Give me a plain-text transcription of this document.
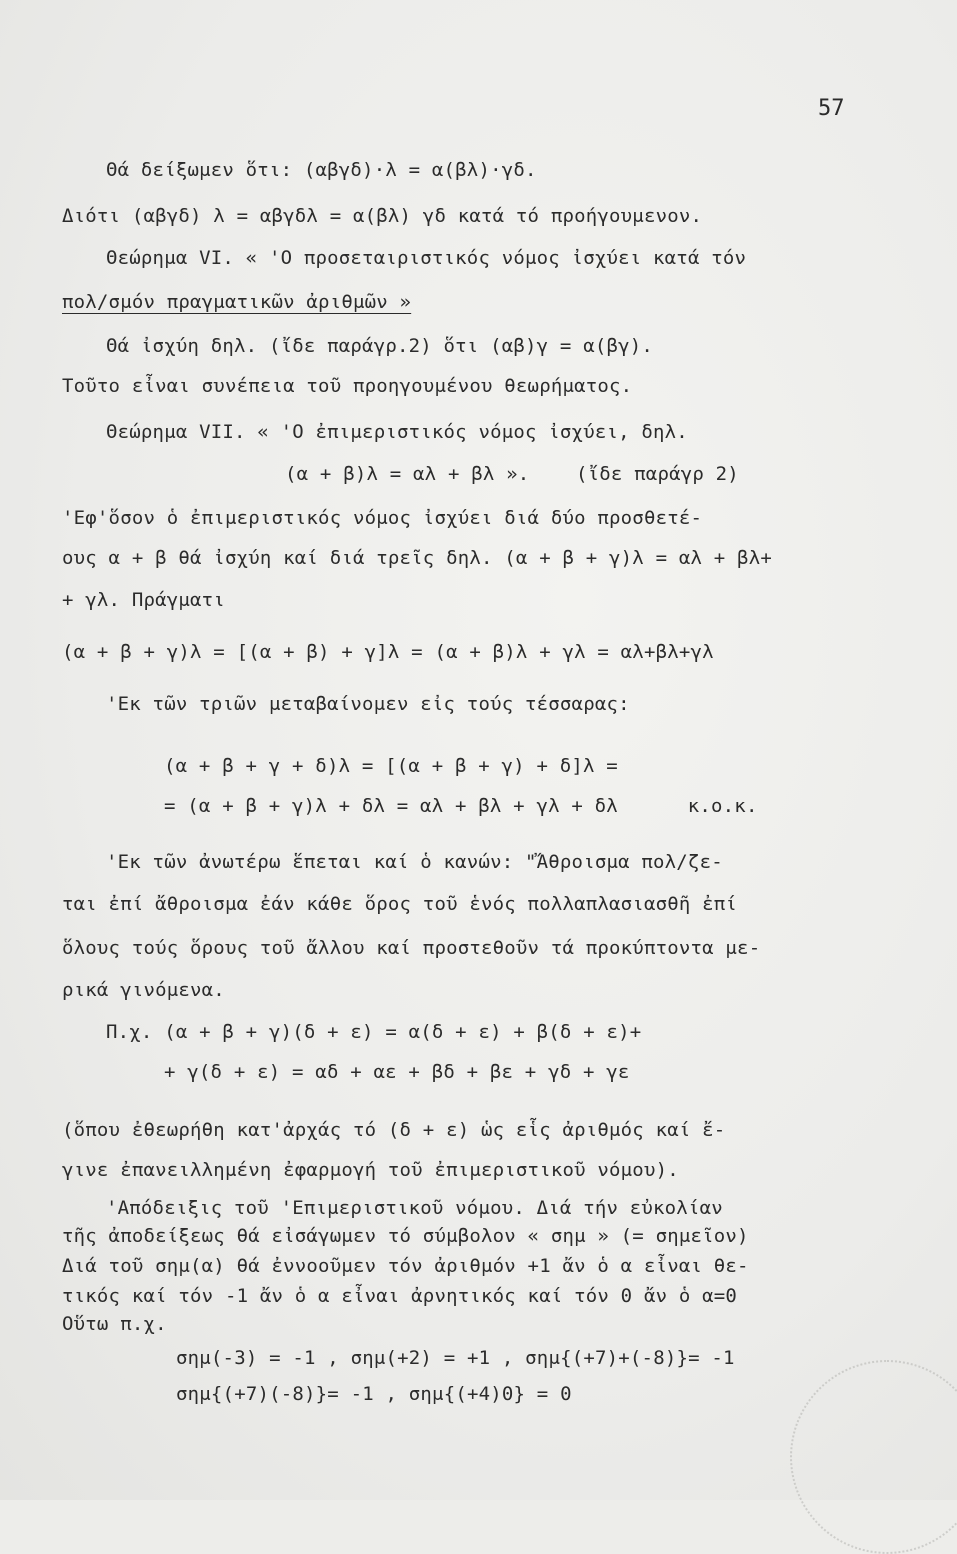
57
Θά δείξωμεν ὅτι: (αβγδ)·λ = α(βλ)·γδ.
Διότι (αβγδ) λ = αβγδλ = α(βλ) γδ κατά τό προήγουμενον.
Θεώρημα VI. « 'Ο προσεταιριστικός νόμος ἰσχύει κατά τόν
πολ/σμόν πραγματικῶν ἀριθμῶν »
Θά ἰσχύη δηλ. (ἴδε παράγρ.2) ὅτι (αβ)γ = α(βγ).
Τοῦτο εἶναι συνέπεια τοῦ προηγουμένου θεωρήματος.
Θεώρημα VII. « 'Ο ἐπιμεριστικός νόμος ἰσχύει, δηλ.
(α + β)λ = αλ + βλ ».    (ἴδε παράγρ 2)
'Εφ'ὅσον ὁ ἐπιμεριστικός νόμος ἰσχύει διά δύο προσθετέ-
ους α + β θά ἰσχύη καί διά τρεῖς δηλ. (α + β + γ)λ = αλ + βλ+
+ γλ. Πράγματι
(α + β + γ)λ = [(α + β) + γ]λ = (α + β)λ + γλ = αλ+βλ+γλ
'Εκ τῶν τριῶν μεταβαίνομεν εἰς τούς τέσσαρας:
(α + β + γ + δ)λ = [(α + β + γ) + δ]λ =
= (α + β + γ)λ + δλ = αλ + βλ + γλ + δλ      κ.ο.κ.
'Εκ τῶν ἀνωτέρω ἕπεται καί ὁ κανών: "Ἄθροισμα πολ/ζε-
ται ἐπί ἄθροισμα ἐάν κάθε ὅρος τοῦ ἑνός πολλαπλασιασθῆ ἐπί
ὅλους τούς ὅρους τοῦ ἄλλου καί προστεθοῦν τά προκύπτοντα με-
ρικά γινόμενα.
Π.χ. (α + β + γ)(δ + ε) = α(δ + ε) + β(δ + ε)+
+ γ(δ + ε) = αδ + αε + βδ + βε + γδ + γε
(ὅπου ἐθεωρήθη κατ'ἀρχάς τό (δ + ε) ὡς εἷς ἀριθμός καί ἔ-
γινε ἐπανειλλημένη ἐφαρμογή τοῦ ἐπιμεριστικοῦ νόμου).
'Απόδειξις τοῦ 'Επιμεριστικοῦ νόμου. Διά τήν εὐκολίαν
τῆς ἀποδείξεως θά εἰσάγωμεν τό σύμβολον « σημ » (= σημεῖον)
Διά τοῦ σημ(α) θά ἐννοοῦμεν τόν ἀριθμόν +1 ἄν ὁ α εἶναι θε-
τικός καί τόν -1 ἄν ὁ α εἶναι ἀρνητικός καί τόν 0 ἄν ὁ α=0
Οὕτω π.χ.
σημ(-3) = -1 , σημ(+2) = +1 , σημ{(+7)+(-8)}= -1
σημ{(+7)(-8)}= -1 , σημ{(+4)0} = 0
